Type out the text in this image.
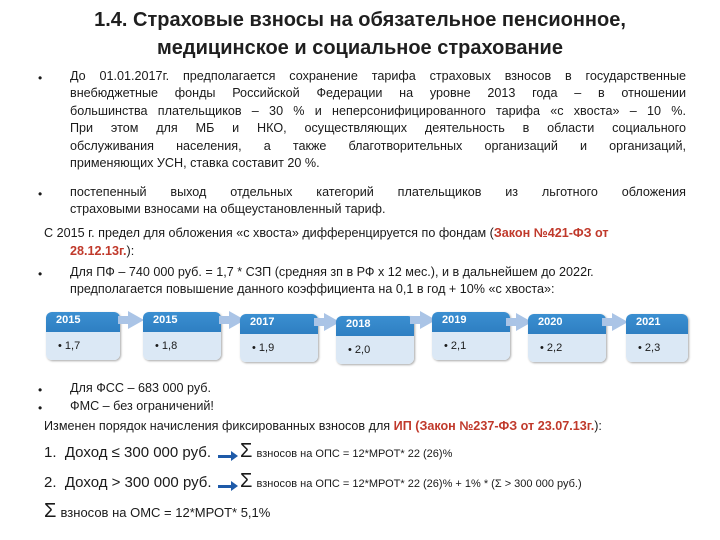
1.4. Страховые взносы на обязательное пенсионное,
медицинское и социальное страхование
• До 01.01.2017г. предполагается сохранение тарифа страховых взносов в государственные
внебюджетные фонды Российской Федерации на уровне 2013 года – в отношении
большинства плательщиков – 30 % и неперсонифицированного тарифа «с хвоста» – 10 %.
При этом для МБ и НКО, осуществляющих деятельность в области социального
обслуживания населения, а также благотворительных организаций и организаций,
применяющих УСН, ставка составит 20 %.
• постепенный выход отдельных категорий плательщиков из льготного обложения
страховыми взносами на общеустановленный тариф.
С 2015 г. предел для обложения «с хвоста» дифференцируется по фондам (Закон №421-ФЗ от
28.12.13г.):
• Для ПФ – 740 000 руб. = 1,7 * СЗП (средняя зп в РФ х 12 мес.), и в дальнейшем до 2022г.
предполагается повышение данного коэффициента на 0,1 в год + 10% «с хвоста»:
2015
• 1,7
2015
• 1,8
2017
• 1,9
2018
• 2,0
2019
• 2,1
2020
• 2,2
2021
• 2,3
• Для ФСС – 683 000 руб.
• ФМС – без ограничений!
Изменен порядок начисления фиксированных взносов для ИП (Закон №237-ФЗ от 23.07.13г.):
1. Доход ≤ 300 000 руб. Σ взносов на ОПС = 12*МРОТ* 22 (26)%
2. Доход > 300 000 руб. Σ взносов на ОПС = 12*МРОТ* 22 (26)% + 1% * (Σ > 300 000 руб.)
Σ взносов на ОМС = 12*МРОТ* 5,1%
